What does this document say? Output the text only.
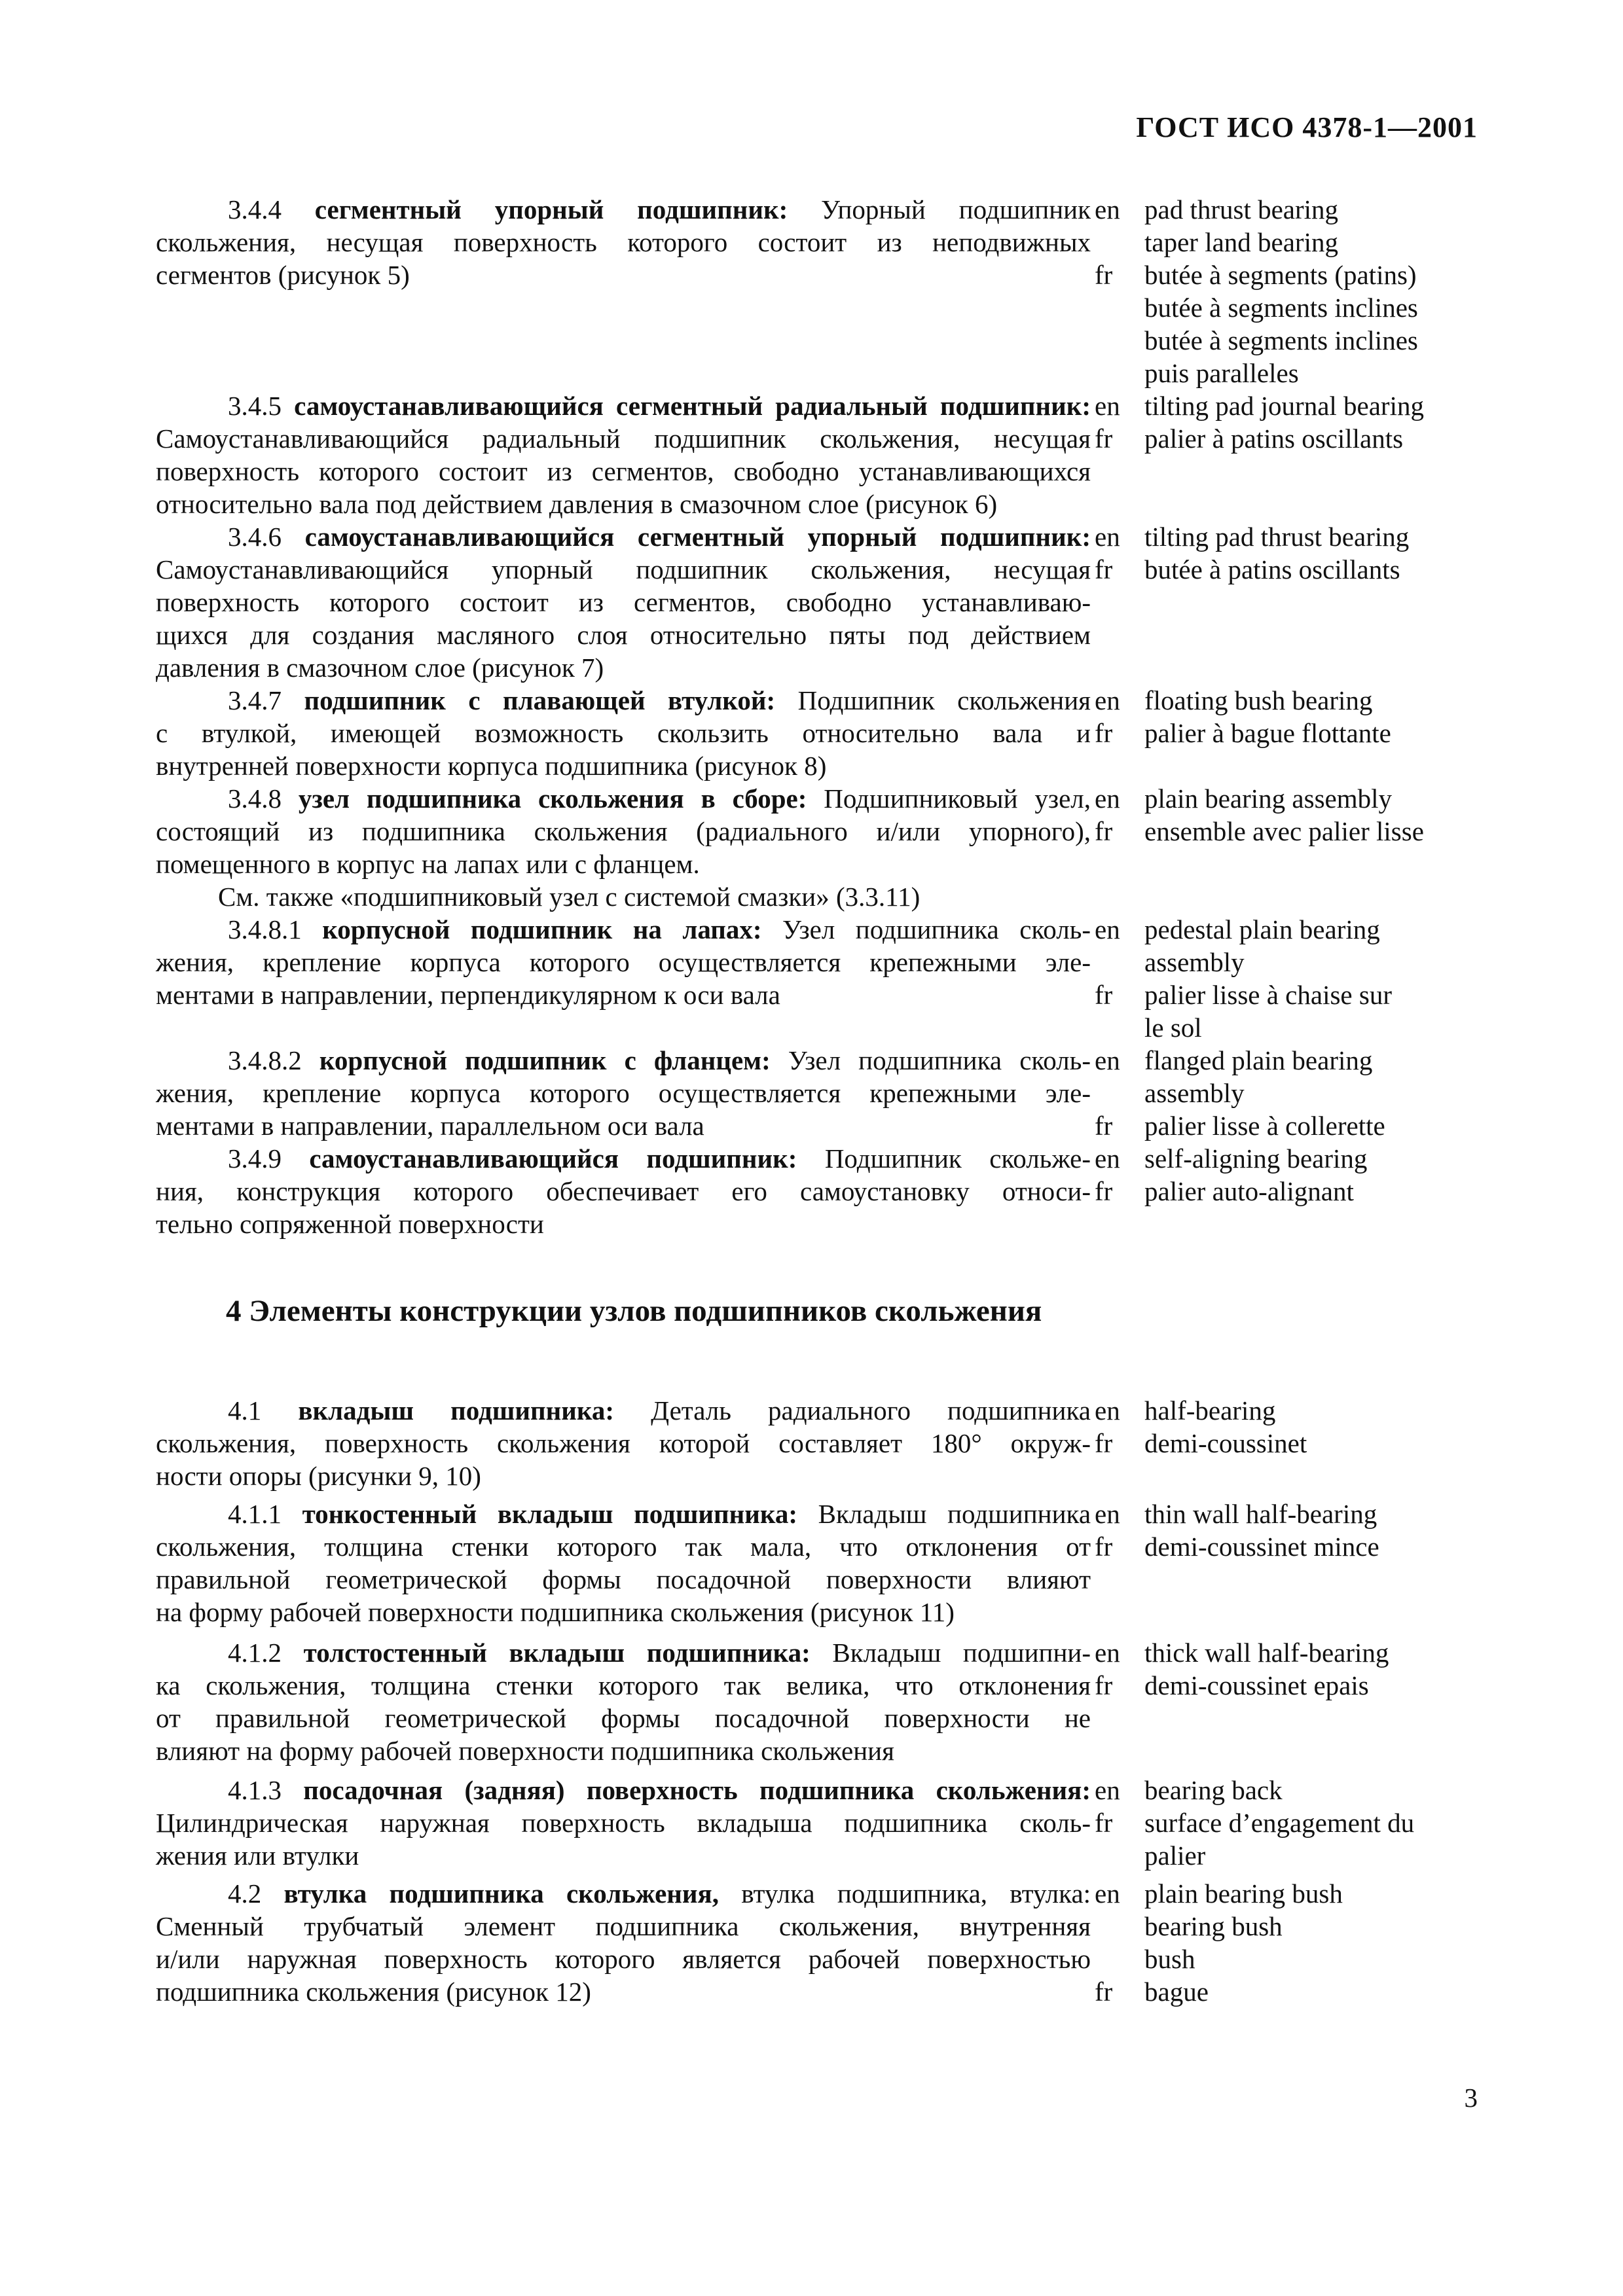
ГОСТ ИСО 4378-1—2001
3.4.4 сегментный упорный подшипник: Упорный подшипник en pad thrust bearing
скольжения, несущая поверхность которого состоит из неподвижных taper land bearing
сегментов (рисунок 5)	fr	butée à segments (patins)
butée à segments inclines
butée à segments inclines
puis paralleles
3.4.5 самоустанавливающийся сегментный радиальный подшипник: en tilting pad journal bearing
Самоустанавливающийся радиальный подшипник скольжения, несущая fr	palier à patins oscillants
поверхность которого состоит из сегментов, свободно устанавливающихся
относительно вала под действием давления в смазочном слое (рисунок 6)
3.4.6 самоустанавливающийся сегментный упорный подшипник: en tilting pad thrust bearing
Самоустанавливающийся упорный подшипник скольжения, несущая fr	butée à patins oscillants
поверхность которого состоит из сегментов, свободно устанавливаю-
щихся для создания масляного слоя относительно пяты под действием
давления в смазочном слое (рисунок 7)
3.4.7 подшипник с плавающей втулкой: Подшипник скольжения en floating bush bearing
с втулкой, имеющей возможность скользить относительно вала и fr	palier à bague flottante
внутренней поверхности корпуса подшипника (рисунок 8)
3.4.8 узел подшипника скольжения в сборе: Подшипниковый узел, en plain bearing assembly
состоящий из подшипника скольжения (радиального и/или упорного), fr	ensemble avec palier lisse
помещенного в корпус на лапах или с фланцем.
См. также «подшипниковый узел с системой смазки» (3.3.11)
3.4.8.1 корпусной подшипник на лапах: Узел подшипника сколь- en pedestal plain bearing
жения, крепление корпуса которого осуществляется крепежными эле- assembly
ментами в направлении, перпендикулярном к оси вала	fr	palier lisse à chaise sur
le sol
3.4.8.2 корпусной подшипник с фланцем: Узел подшипника сколь- en flanged plain bearing
жения, крепление корпуса которого осуществляется крепежными эле- assembly
ментами в направлении, параллельном оси вала	fr	palier lisse à collerette
3.4.9 самоустанавливающийся подшипник: Подшипник скольже- en self-aligning bearing
ния, конструкция которого обеспечивает его самоустановку относи- fr	palier auto-alignant
тельно сопряженной поверхности
4 Элементы конструкции узлов подшипников скольжения
4.1 вкладыш подшипника: Деталь радиального подшипника en half-bearing
скольжения, поверхность скольжения которой составляет 180° окруж- fr	demi-coussinet
ности опоры (рисунки 9, 10)
4.1.1 тонкостенный вкладыш подшипника: Вкладыш подшипника en thin wall half-bearing
скольжения, толщина стенки которого так мала, что отклонения от fr	demi-coussinet mince
правильной геометрической формы посадочной поверхности влияют
на форму рабочей поверхности подшипника скольжения (рисунок 11)
4.1.2 толстостенный вкладыш подшипника: Вкладыш подшипни- en thick wall half-bearing
ка скольжения, толщина стенки которого так велика, что отклонения fr	demi-coussinet epais
от правильной геометрической формы посадочной поверхности не
влияют на форму рабочей поверхности подшипника скольжения
4.1.3 посадочная (задняя) поверхность подшипника скольжения: en bearing back
Цилиндрическая наружная поверхность вкладыша подшипника сколь- fr	surface d’engagement du
жения или втулки	palier
4.2 втулка подшипника скольжения, втулка подшипника, втулка: en plain bearing bush
Сменный трубчатый элемент подшипника скольжения, внутренняя bearing bush
и/или наружная поверхность которого является рабочей поверхностью bush
подшипника скольжения (рисунок 12)	fr	bague
3
